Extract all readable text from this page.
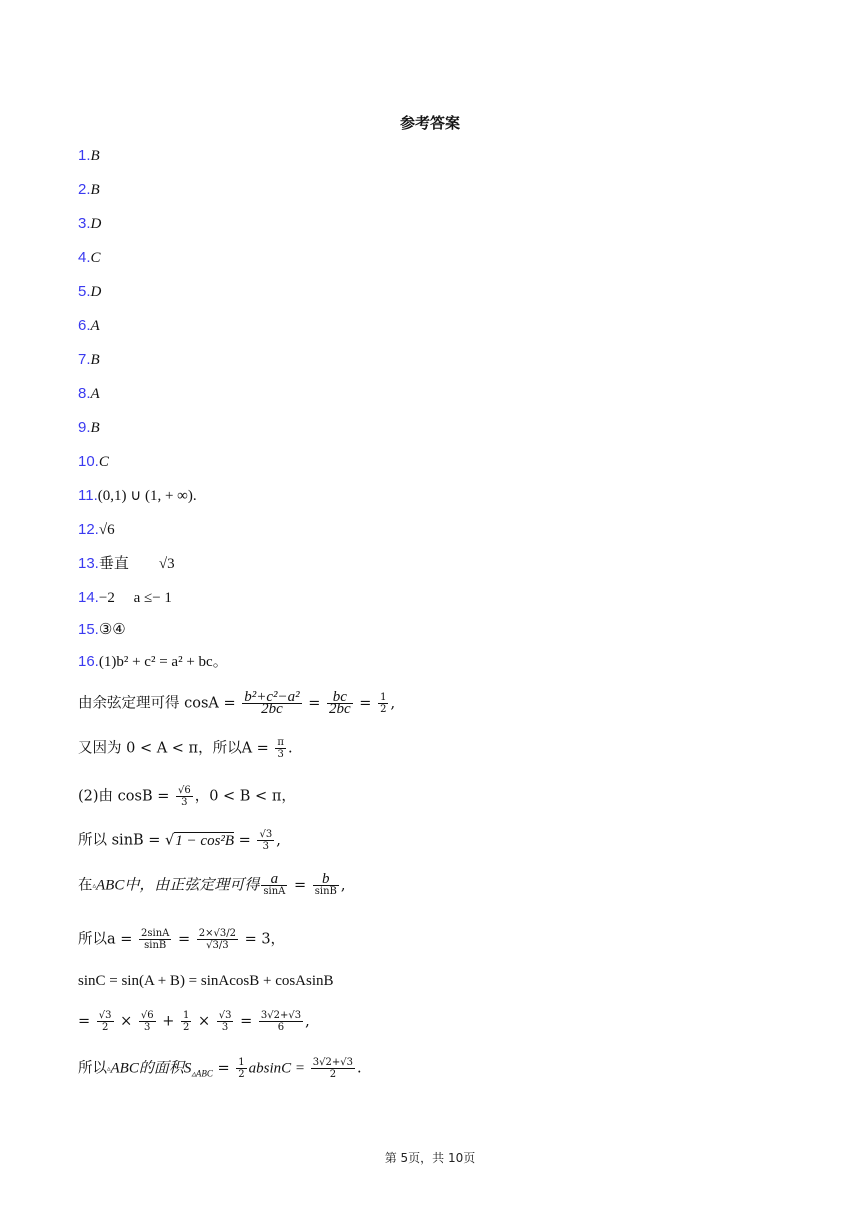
参考答案
1.B
2.B
3.D
4.C
5.D
6.A
7.B
8.A
9.B
10.C
11.(0,1) ∪ (1, + ∞).
12.√6
13.垂直　　√3
14.−2　 a ≤− 1
15.③④
16.(1)b² + c² = a² + bc。
由余弦定理可得 $\cos A = \frac{\text{b²+c²−a²}}{2bc} = \frac{bc}{2bc} = \frac{1}{2}$ ,
又因为 0 < A < π，所以$A = \frac{\pi}{3}$ .
(2)由 $\cos B = \frac{√6}{3}$ ，0 < B < π，
所以 $\sin B = √1 - \cos^2B = \frac{√3}{3}$ ,
在▵ABC中，由正弦定理可得 $\frac{a}{\sin A} = \frac{b}{\sin B}$ ,
所以$a = \frac{2\sin A}{\sin B} = \frac{2\times√3/2}{√3/3} = 3$，
sinC = sin(A + B) = sinAcosB + cosAsinB
= $\frac{√3}{2} \times \frac{√6}{3} + \frac{1}{2} \times \frac{√3}{3} = \frac{3√2+√3}{6}$ ,
所以▵ABC的面积$S_{▵ABC} = \frac{1}{2}$ $absinC = \frac{3√2+√3}{2}$ .
第 5页，共 10页
